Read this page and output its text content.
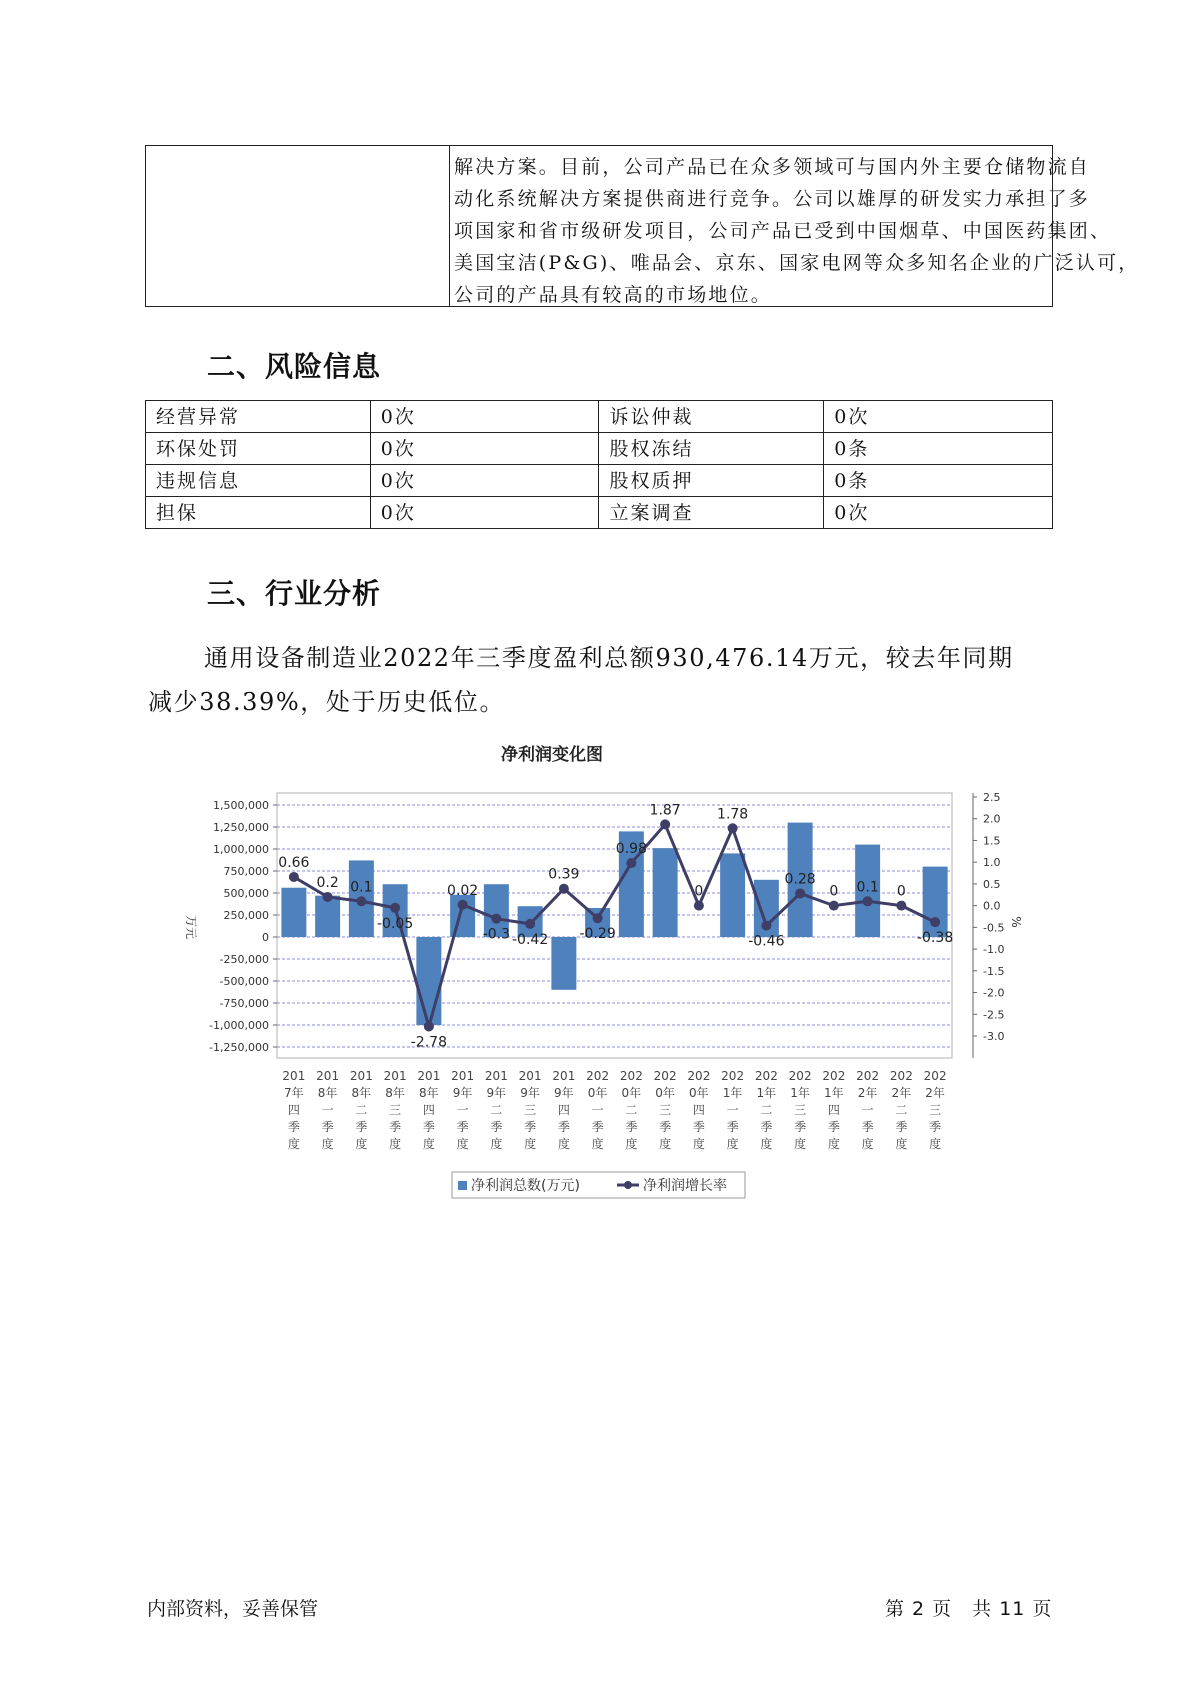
解决方案。目前，公司产品已在众多领域可与国内外主要仓储物流自
动化系统解决方案提供商进行竞争。公司以雄厚的研发实力承担了多
项国家和省市级研发项目，公司产品已受到中国烟草、中国医药集团、
美国宝洁(P&G)、唯品会、京东、国家电网等众多知名企业的广泛认可，
公司的产品具有较高的市场地位。
二、风险信息
经营异常	0次	诉讼仲裁	0次
环保处罚	0次	股权冻结	0条
违规信息	0次	股权质押	0条
担保	0次	立案调查	0次
三、行业分析
通用设备制造业2022年三季度盈利总额930,476.14万元，较去年同期
减少38.39%，处于历史低位。
净利润变化图
1,500,000
1,250,000
1,000,000
750,000
500,000
250,000
0
-250,000
-500,000
-750,000
-1,000,000
-1,250,000
万元
2.5
2.0
1.5
1.0
0.5
0.0
-0.5
-1.0
-1.5
-2.0
-2.5
-3.0
%
0.66
0.2 0.1
-0.05
-2.78
0.02
-0.3 -0.42
0.39
-0.29
0.98
1.87
0
1.78
-0.46
0.28
0 0.1 0
-0.38
201
7年
四
季
度
201
8年
一
季
度
201
8年
二
季
度
201
8年
三
季
度
201
8年
四
季
度
201
9年
一
季
度
201
9年
二
季
度
201
9年
三
季
度
201
9年
四
季
度
202
0年
一
季
度
202
0年
二
季
度
202
0年
三
季
度
202
0年
四
季
度
202
1年
一
季
度
202
1年
二
季
度
202
1年
三
季
度
202
1年
四
季
度
202
2年
一
季
度
202
2年
二
季
度
202
2年
三
季
度
净利润总数(万元)	净利润增长率
内部资料，妥善保管	第 2 页　共 11 页
